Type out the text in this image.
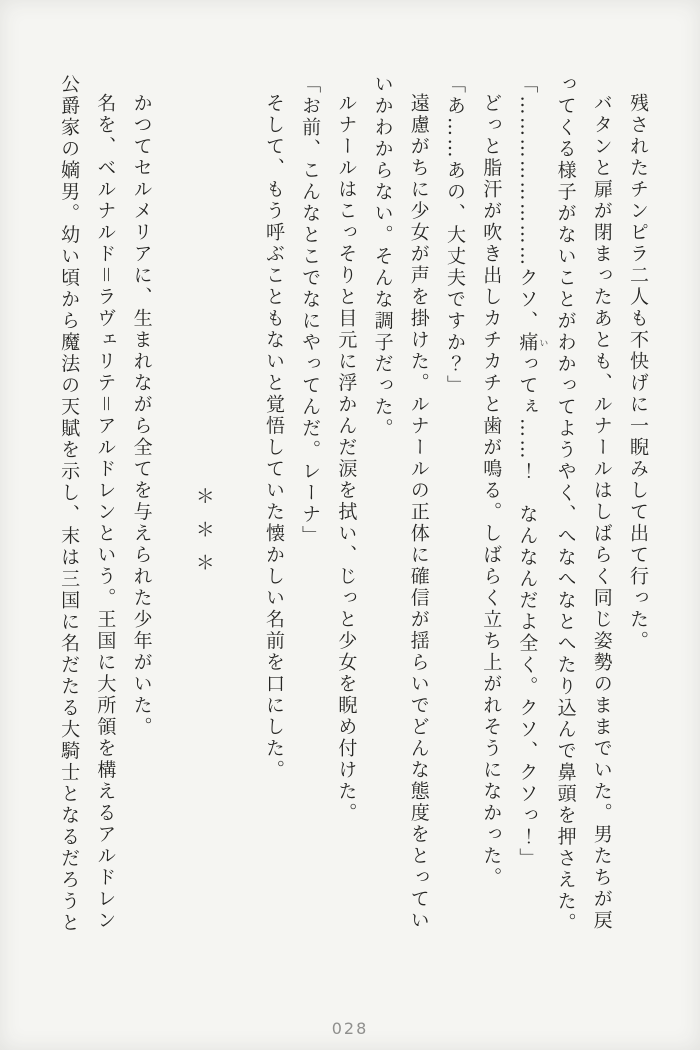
残されたチンピラ二人も不快げに一睨みして出て行った。

バタンと扉が閉まったあとも、ルナールはしばらく同じ姿勢のままでいた。男たちが戻

ってくる様子がないことがわかってようやく、へなへなとへたり込んで鼻頭を押さえた。

「……………………クソ、痛 いってぇ……！　なんなんだよ全く。クソ、クソっ！」

どっと脂汗が吹き出しカチカチと歯が鳴る。しばらく立ち上がれそうになかった。

「あ……あの、大丈夫ですか？」

遠慮がちに少女が声を掛けた。ルナールの正体に確信が揺らいでどんな態度をとってい

いかわからない。そんな調子だった。

ルナールはこっそりと目元に浮かんだ涙を拭い、じっと少女を睨め付けた。

「お前、こんなとこでなにやってんだ。レーナ」

そして、もう呼ぶこともないと覚悟していた懐かしい名前を口にした。

＊＊＊

かつてセルメリアに、生まれながら全てを与えられた少年がいた。

名を、ベルナルド＝ラヴェリテ＝アルドレンという。王国に大所領を構えるアルドレン

公爵家の嫡男。幼い頃から魔法の天賦を示し、末は三国に名だたる大騎士となるだろうと

028
